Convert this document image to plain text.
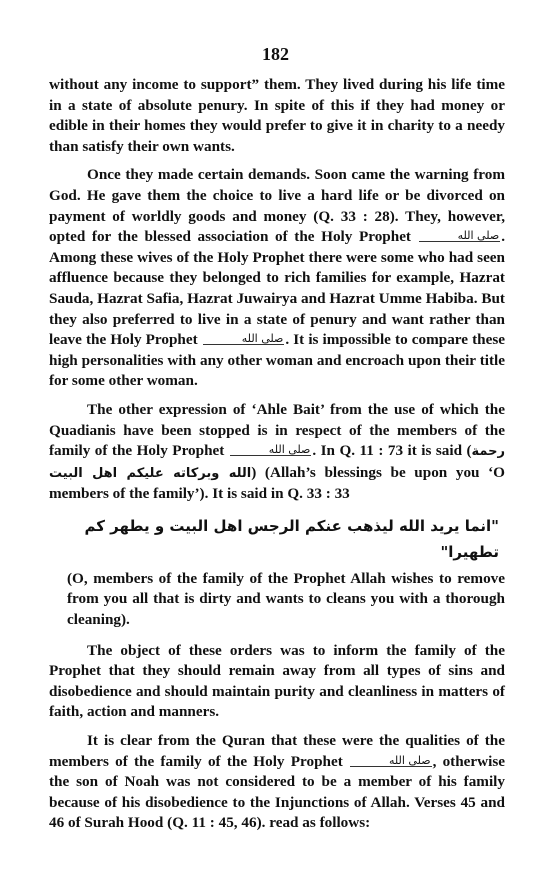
182

without any income to support” them. They lived during his life time in a state of absolute penury. In spite of this if they had money or edible in their homes they would prefer to give it in charity to a needy than satisfy their own wants.

Once they made certain demands. Soon came the warning from God. He gave them the choice to live a hard life or be divorced on payment of worldly goods and money (Q. 33 : 28). They, however, opted for the blessed association of the Holy Prophet	صلى الله . Among these wives of the Holy Prophet there were some who had seen affluence because they belonged to rich families for example, Hazrat Sauda, Hazrat Safia, Hazrat Juwairya and Hazrat Umme Habiba. But they also preferred to live in a state of penury and want rather than leave the Holy Prophet	صلى الله . It is impossible to compare these high personalities with any other woman and encroach upon their title for some other woman.

The other expression of ‘Ahle Bait’ from the use of which the Quadianis have been stopped is in respect of the members of the family of the Holy Prophet	صلى الله . In Q. 11 : 73 it is said (رحمة الله وبركاته عليكم اهل البيت) (Allah’s blessings be upon you ‘O members of the family’). It is said in Q. 33 : 33

"انما يريد الله ليذهب عنكم الرجس اهل البيت و يطهر كم تطهيرا"

(O, members of the family of the Prophet Allah wishes to remove from you all that is dirty and wants to cleans you with a thorough cleaning).

The object of these orders was to inform the family of the Prophet that they should remain away from all types of sins and disobedience and should maintain purity and cleanliness in matters of faith, action and manners.

It is clear from the Quran that these were the qualities of the members of the family of the Holy Prophet	صلى الله , otherwise the son of Noah was not considered to be a member of his family because of his disobedience to the Injunctions of Allah. Verses 45 and 46 of Surah Hood (Q. 11 : 45, 46). read as follows:
